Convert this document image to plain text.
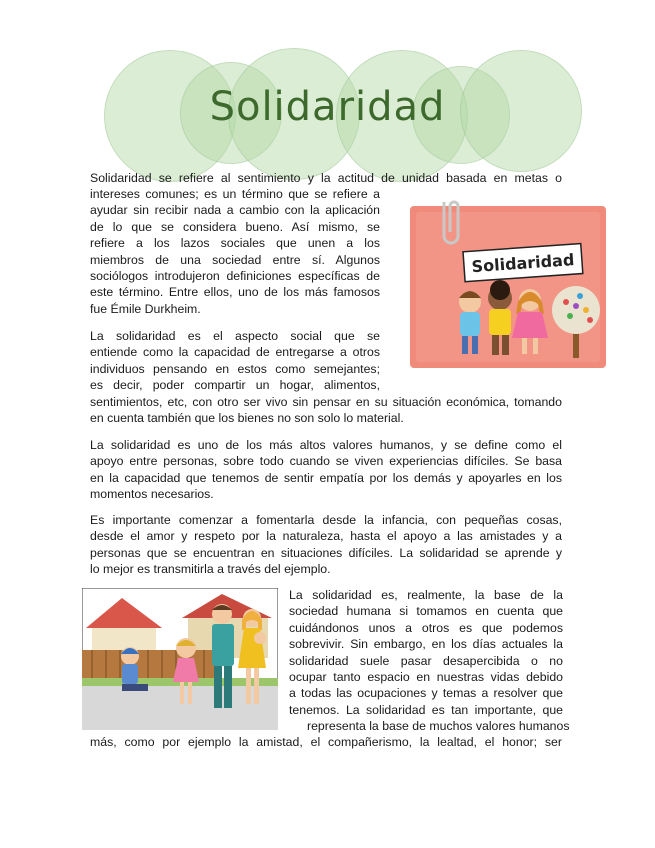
Solidaridad
Solidaridad se refiere al sentimiento y la actitud de unidad basada en metas o
intereses comunes; es un término que se refiere a
ayudar sin recibir nada a cambio con la aplicación
de lo que se considera bueno. Así mismo, se
refiere a los lazos sociales que unen a los
miembros de una sociedad entre sí. Algunos
sociólogos introdujeron definiciones específicas de
este término. Entre ellos, uno de los más famosos
fue Émile Durkheim.
La solidaridad es el aspecto social que se
entiende como la capacidad de entregarse a otros
individuos pensando en estos como semejantes;
es decir, poder compartir un hogar, alimentos,
sentimientos, etc, con otro ser vivo sin pensar en su situación económica, tomando
en cuenta también que los bienes no son solo lo material.
La solidaridad es uno de los más altos valores humanos, y se define como el
apoyo entre personas, sobre todo cuando se viven experiencias difíciles. Se basa
en la capacidad que tenemos de sentir empatía por los demás y apoyarles en los
momentos necesarios.
Es importante comenzar a fomentarla desde la infancia, con pequeñas cosas,
desde el amor y respeto por la naturaleza, hasta el apoyo a las amistades y a
personas que se encuentran en situaciones difíciles. La solidaridad se aprende y
lo mejor es transmitirla a través del ejemplo.
La solidaridad es, realmente, la base de la
sociedad humana si tomamos en cuenta que
cuidándonos unos a otros es que podemos
sobrevivir. Sin embargo, en los días actuales la
solidaridad suele pasar desapercibida o no
ocupar tanto espacio en nuestras vidas debido
a todas las ocupaciones y temas a resolver que
tenemos. La solidaridad es tan importante, que
representa la base de muchos valores humanos
más, como por ejemplo la amistad, el compañerismo, la lealtad, el honor; ser
Solidaridad
